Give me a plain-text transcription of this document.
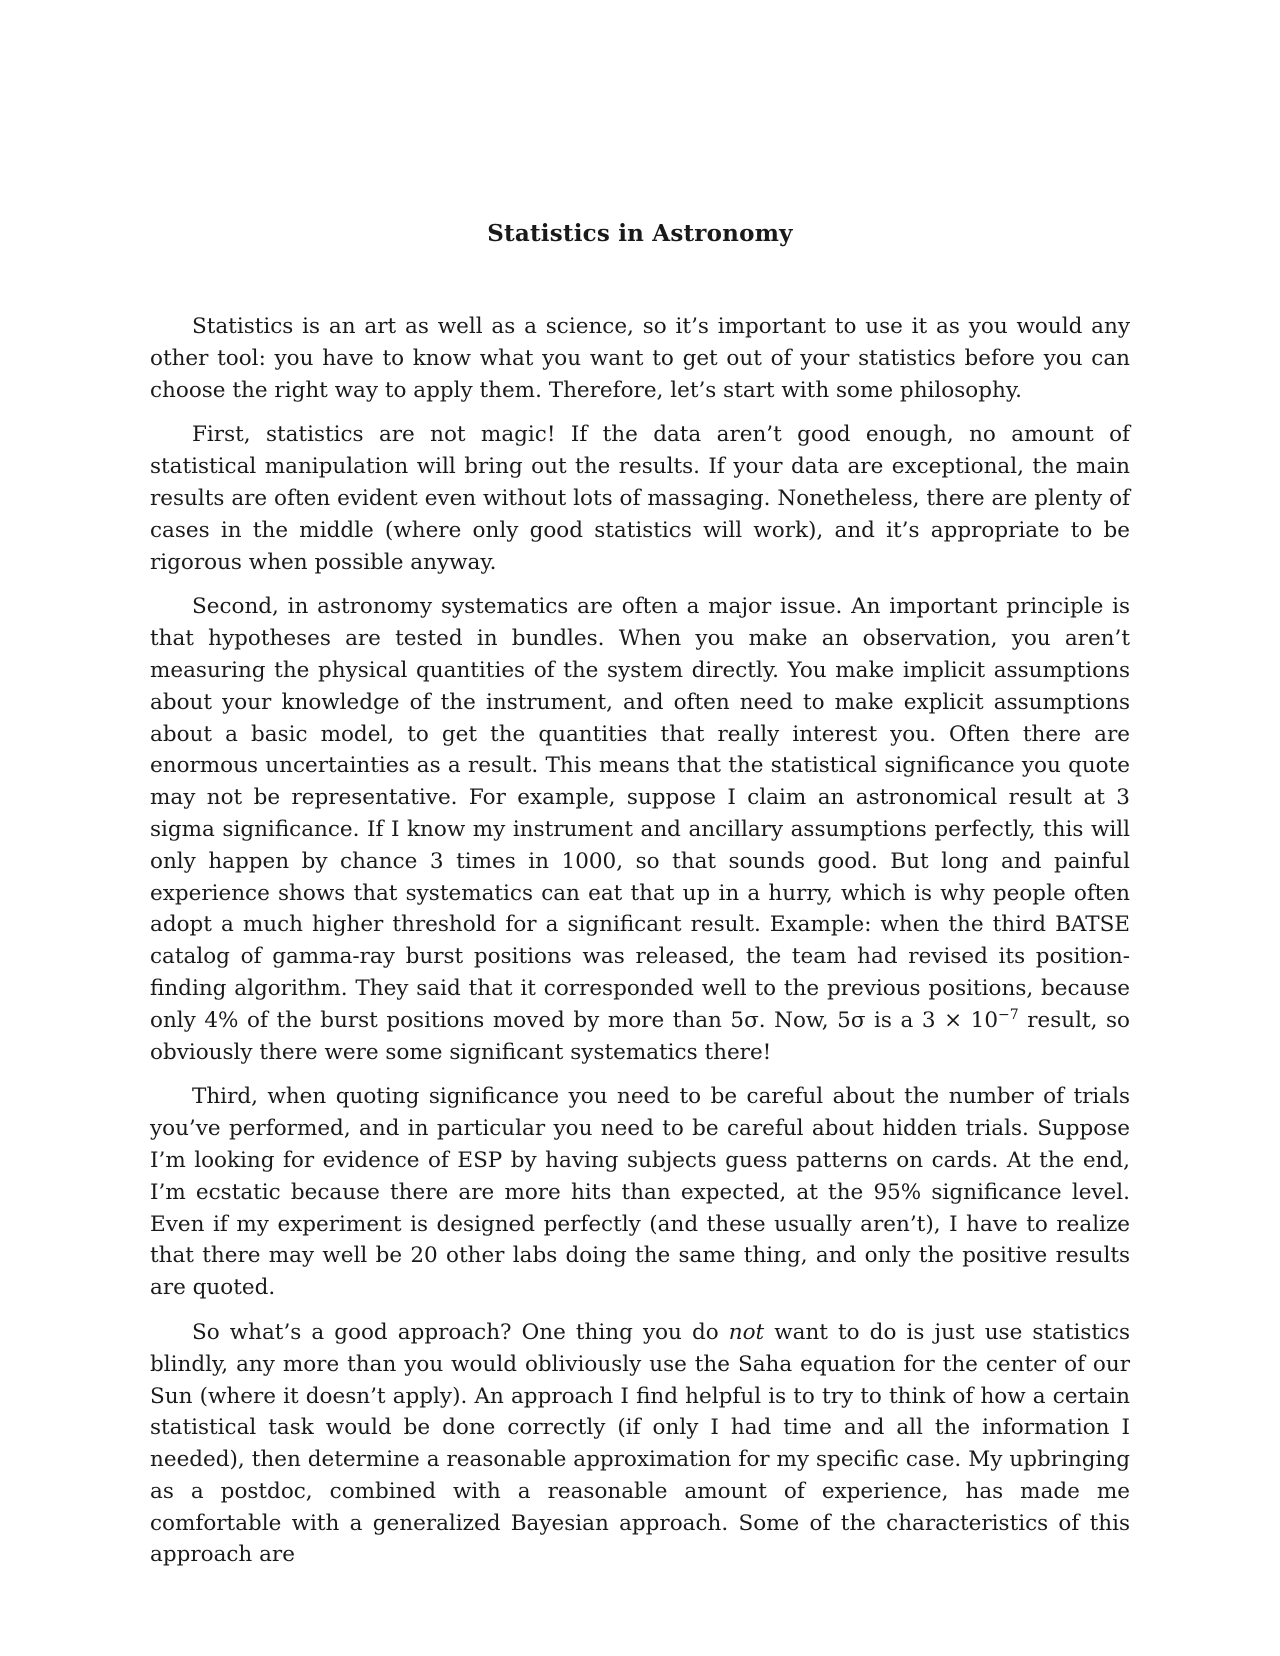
Statistics in Astronomy

Statistics is an art as well as a science, so it’s important to use it as you would any other tool: you have to know what you want to get out of your statistics before you can choose the right way to apply them. Therefore, let’s start with some philosophy.

First, statistics are not magic! If the data aren’t good enough, no amount of statistical manipulation will bring out the results. If your data are exceptional, the main results are often evident even without lots of massaging. Nonetheless, there are plenty of cases in the middle (where only good statistics will work), and it’s appropriate to be rigorous when possible anyway.

Second, in astronomy systematics are often a major issue. An important principle is that hypotheses are tested in bundles. When you make an observation, you aren’t measuring the physical quantities of the system directly. You make implicit assumptions about your knowledge of the instrument, and often need to make explicit assumptions about a basic model, to get the quantities that really interest you. Often there are enormous uncertainties as a result. This means that the statistical significance you quote may not be representative. For example, suppose I claim an astronomical result at 3 sigma significance. If I know my instrument and ancillary assumptions perfectly, this will only happen by chance 3 times in 1000, so that sounds good. But long and painful experience shows that systematics can eat that up in a hurry, which is why people often adopt a much higher threshold for a significant result. Example: when the third BATSE catalog of gamma-ray burst positions was released, the team had revised its position-finding algorithm. They said that it corresponded well to the previous positions, because only 4% of the burst positions moved by more than 5σ. Now, 5σ is a $3 \times 10^{-7}$ result, so obviously there were some significant systematics there!

Third, when quoting significance you need to be careful about the number of trials you’ve performed, and in particular you need to be careful about hidden trials. Suppose I’m looking for evidence of ESP by having subjects guess patterns on cards. At the end, I’m ecstatic because there are more hits than expected, at the 95% significance level. Even if my experiment is designed perfectly (and these usually aren’t), I have to realize that there may well be 20 other labs doing the same thing, and only the positive results are quoted.

So what’s a good approach? One thing you do not want to do is just use statistics blindly, any more than you would obliviously use the Saha equation for the center of our Sun (where it doesn’t apply). An approach I find helpful is to try to think of how a certain statistical task would be done correctly (if only I had time and all the information I needed), then determine a reasonable approximation for my specific case. My upbringing as a postdoc, combined with a reasonable amount of experience, has made me comfortable with a generalized Bayesian approach. Some of the characteristics of this approach are
